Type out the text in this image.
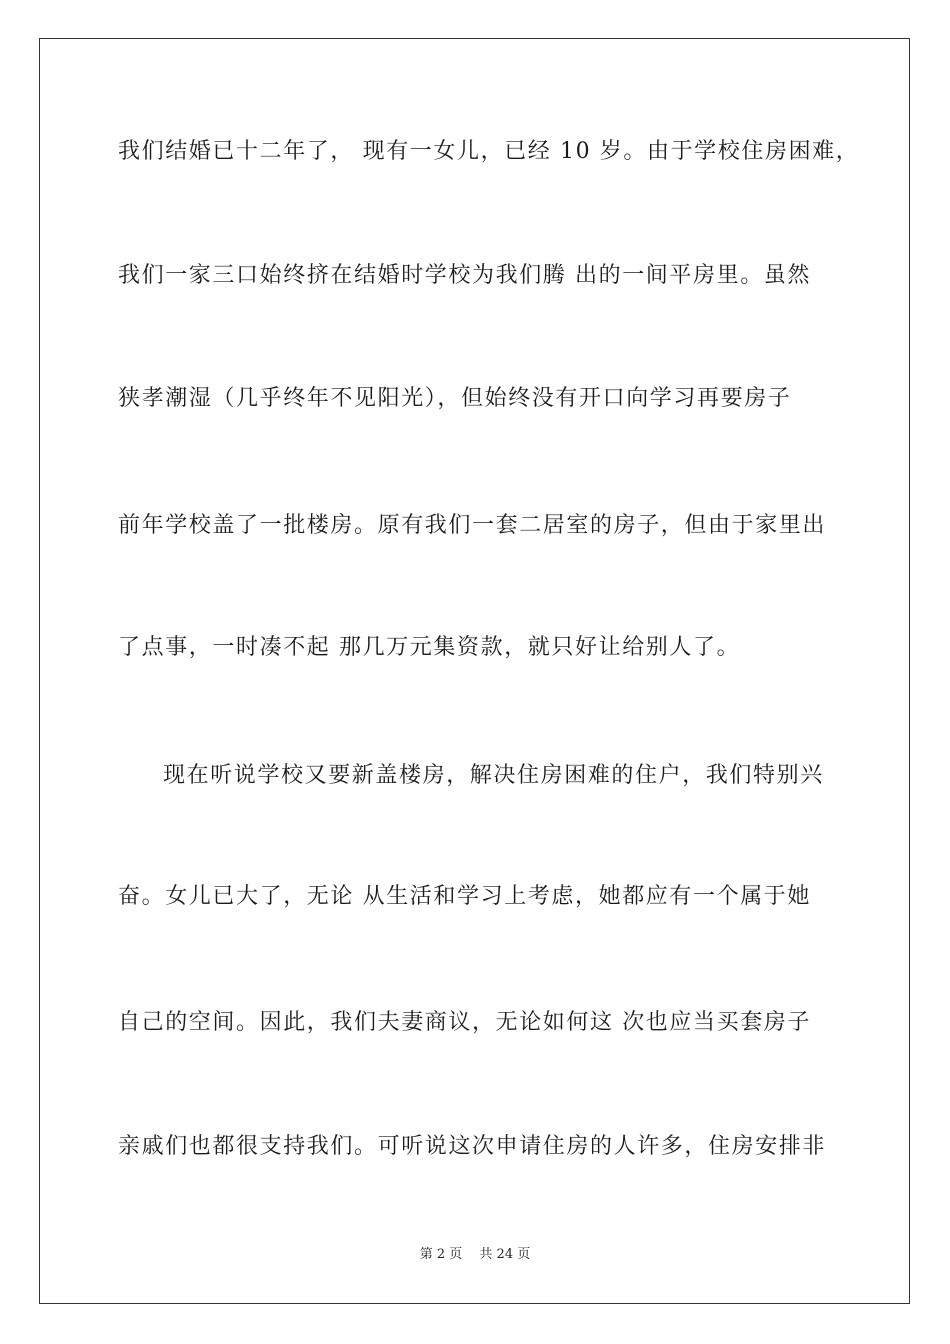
我们结婚已十二年了， 现有一女儿，已经 10 岁。由于学校住房困难，
我们一家三口始终挤在结婚时学校为我们腾 出的一间平房里。虽然
狭孝潮湿（几乎终年不见阳光），但始终没有开口向学习再要房子
前年学校盖了一批楼房。原有我们一套二居室的房子，但由于家里出
了点事，一时凑不起 那几万元集资款，就只好让给别人了。
现在听说学校又要新盖楼房，解决住房困难的住户，我们特别兴
奋。女儿已大了，无论 从生活和学习上考虑，她都应有一个属于她
自己的空间。因此，我们夫妻商议，无论如何这 次也应当买套房子
亲戚们也都很支持我们。可听说这次申请住房的人许多，住房安排非
第 2 页　 共 24 页
